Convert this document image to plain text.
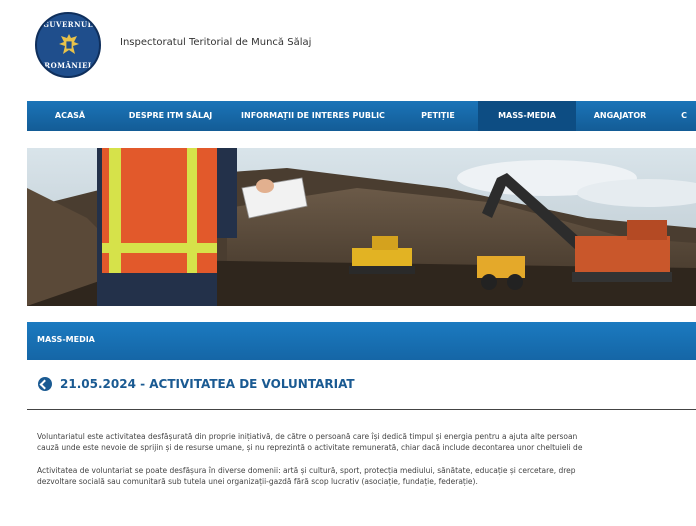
GUVERNUL
ROMÂNIEI
Inspectoratul Teritorial de Muncă Sălaj
ACASĂ	DESPRE ITM SĂLAJ	INFORMAȚII DE INTERES PUBLIC	PETIȚIE	MASS-MEDIA	ANGAJATOR	C
MASS-MEDIA
21.05.2024 - ACTIVITATEA DE VOLUNTARIAT
Voluntariatul este activitatea desfășurată din proprie inițiativă, de către o persoană care își dedică timpul și energia pentru a ajuta alte persoan
cauză unde este nevoie de sprijin și de resurse umane, și nu reprezintă o activitate remunerată, chiar dacă include decontarea unor cheltuieli de
Activitatea de voluntariat se poate desfășura în diverse domenii: artă și cultură, sport, protecția mediului, sănătate, educație și cercetare, drep
dezvoltare socială sau comunitară sub tutela unei organizații-gazdă fără scop lucrativ (asociație, fundație, federație).
